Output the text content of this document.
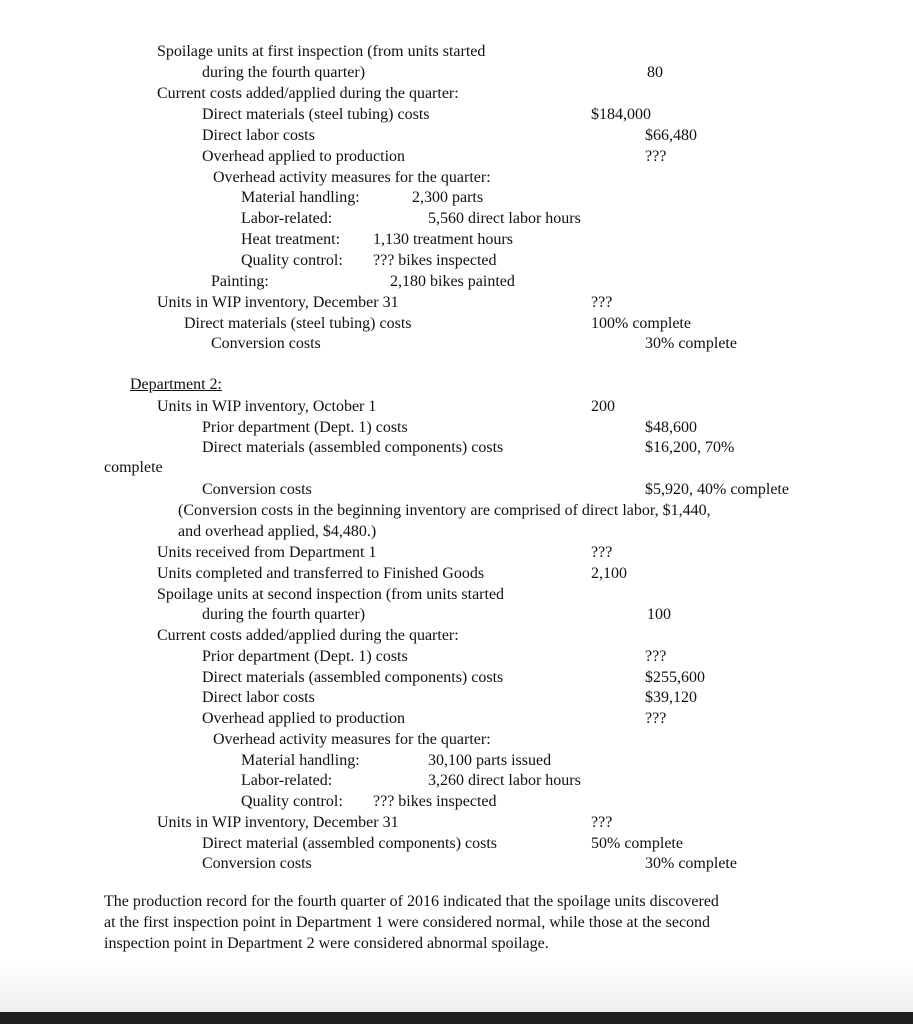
Spoilage units at first inspection (from units started
during the fourth quarter)	80
Current costs added/applied during the quarter:
Direct materials (steel tubing) costs	$184,000
Direct labor costs	$66,480
Overhead applied to production	???
Overhead activity measures for the quarter:
Material handling:	2,300 parts
Labor-related:	5,560 direct labor hours
Heat treatment: 1,130 treatment hours
Quality control: ??? bikes inspected
Painting:	2,180 bikes painted
Units in WIP inventory, December 31	???
Direct materials (steel tubing) costs	100% complete
Conversion costs	30% complete
Department 2:
Units in WIP inventory, October 1	200
Prior department (Dept. 1) costs	$48,600
Direct materials (assembled components) costs	$16,200, 70%
complete
Conversion costs	$5,920, 40% complete
(Conversion costs in the beginning inventory are comprised of direct labor, $1,440,
and overhead applied, $4,480.)
Units received from Department 1	???
Units completed and transferred to Finished Goods	2,100
Spoilage units at second inspection (from units started
during the fourth quarter)	100
Current costs added/applied during the quarter:
Prior department (Dept. 1) costs	???
Direct materials (assembled components) costs	$255,600
Direct labor costs	$39,120
Overhead applied to production	???
Overhead activity measures for the quarter:
Material handling:	30,100 parts issued
Labor-related:	3,260 direct labor hours
Quality control: ??? bikes inspected
Units in WIP inventory, December 31	???
Direct material (assembled components) costs	50% complete
Conversion costs	30% complete
The production record for the fourth quarter of 2016 indicated that the spoilage units discovered
at the first inspection point in Department 1 were considered normal, while those at the second
inspection point in Department 2 were considered abnormal spoilage.
